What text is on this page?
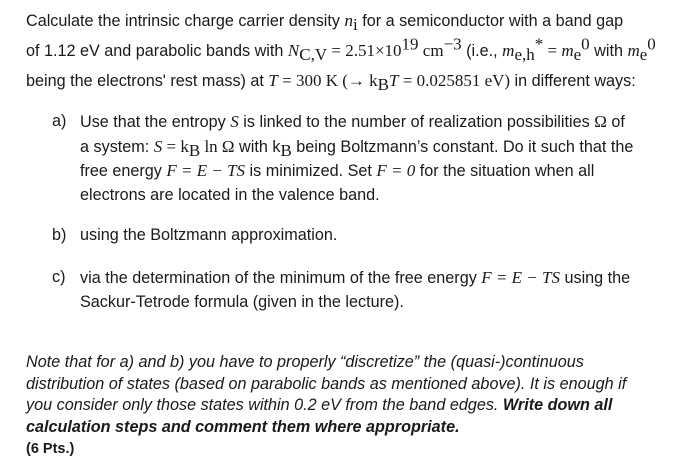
Calculate the intrinsic charge carrier density $n_i$ for a semiconductor with a band gap
of 1.12 eV and parabolic bands with $N_{C,V} = 2.51\times 10^{19}$ $cm^{-3}$ (i.e., $m_{e,h}^* = m_e^0$ with $m_e^0$
being the electrons' rest mass) at T = 300 K (→ $k_BT = 0.025851$ eV) in different ways:
a) Use that the entropy S is linked to the number of realization possibilities Ω of
a system: $S = k_B$ ln Ω with $k_B$ being Boltzmann’s constant. Do it such that the
free energy F = E − TS is minimized. Set F = 0 for the situation when all
electrons are located in the valence band.
b) using the Boltzmann approximation.
c) via the determination of the minimum of the free energy F = E − TS using the
Sackur-Tetrode formula (given in the lecture).
Note that for a) and b) you have to properly “discretize” the (quasi-)continuous
distribution of states (based on parabolic bands as mentioned above). It is enough if
you consider only those states within 0.2 eV from the band edges. Write down all
calculation steps and comment them where appropriate.
(6 Pts.)
